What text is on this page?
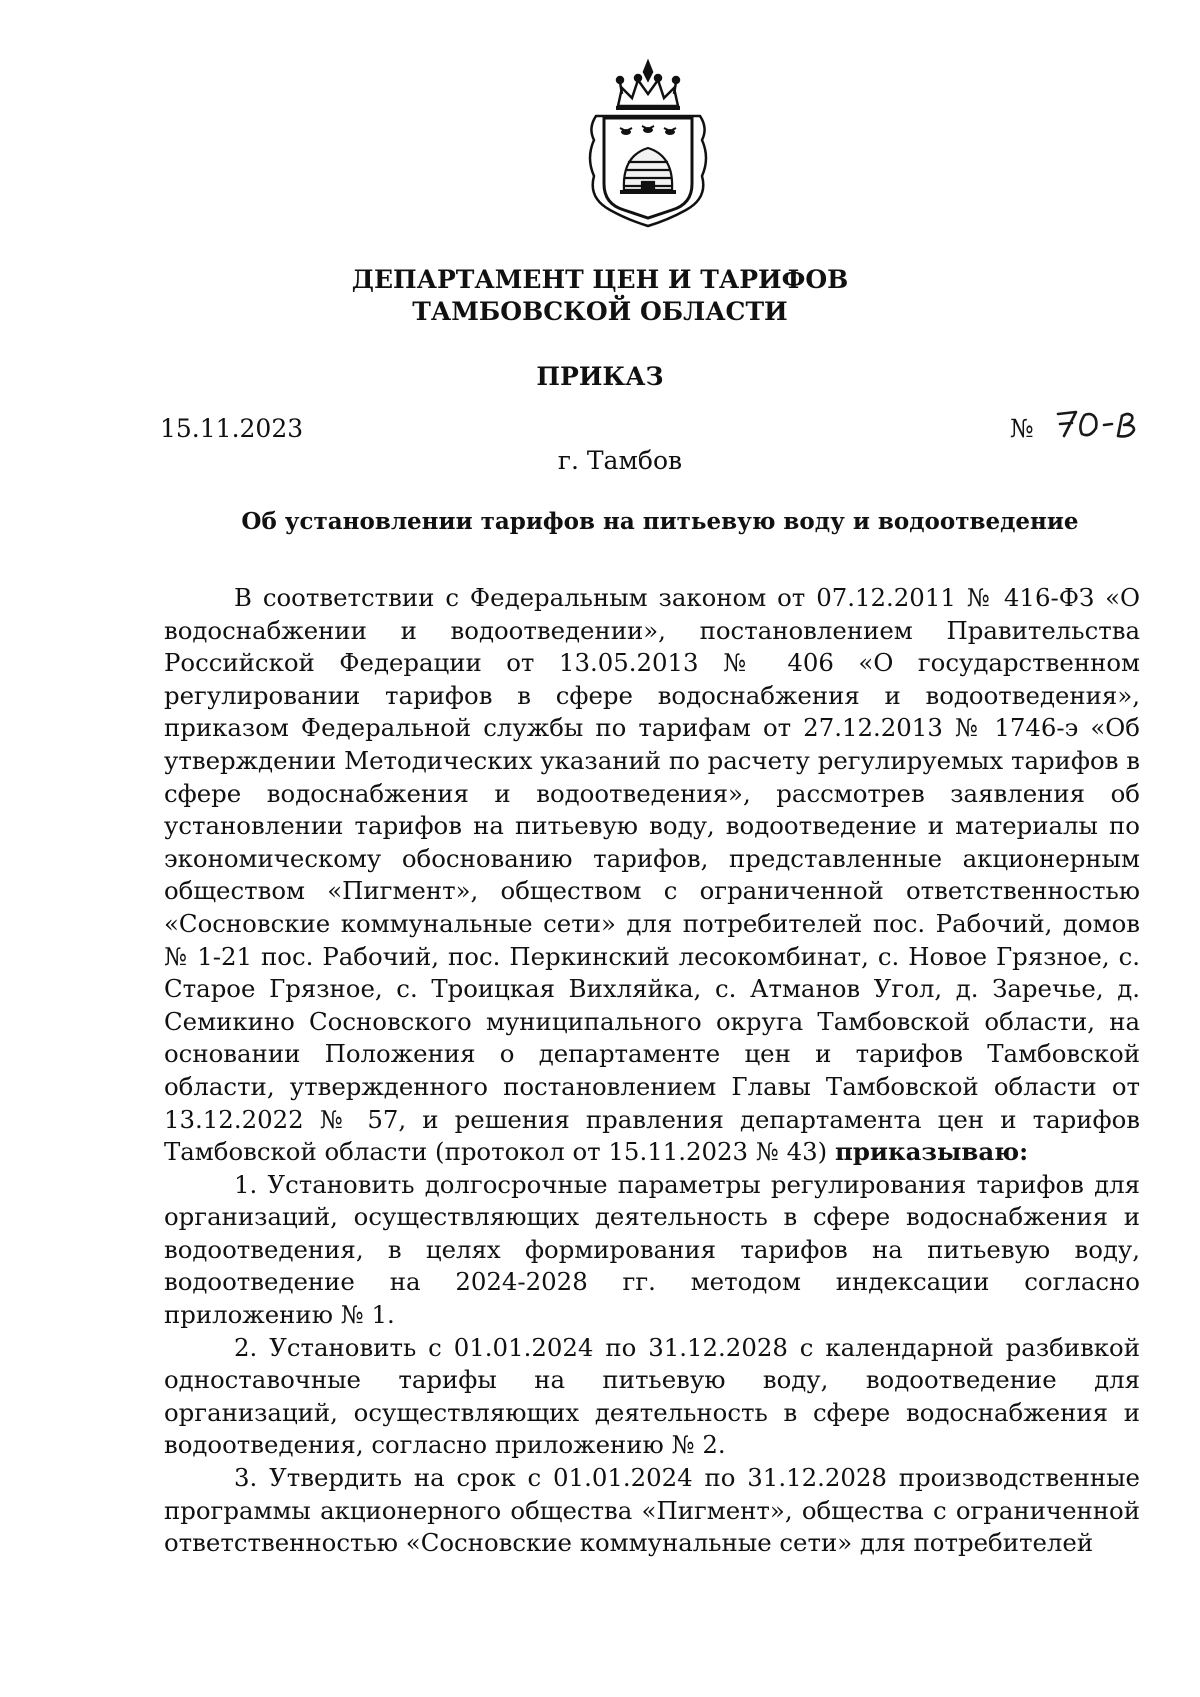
ДЕПАРТАМЕНТ ЦЕН И ТАРИФОВ
ТАМБОВСКОЙ ОБЛАСТИ
ПРИКАЗ
15.11.2023	№
г. Тамбов
Об установлении тарифов на питьевую воду и водоотведение

В соответствии с Федеральным законом от 07.12.2011 № 416-ФЗ «О водоснабжении и водоотведении», постановлением Правительства Российской Федерации от 13.05.2013 № 406 «О государственном регулировании тарифов в сфере водоснабжения и водоотведения», приказом Федеральной службы по тарифам от 27.12.2013 № 1746-э «Об утверждении Методических указаний по расчету регулируемых тарифов в сфере водоснабжения и водоотведения», рассмотрев заявления об установлении тарифов на питьевую воду, водоотведение и материалы по экономическому обоснованию тарифов, представленные акционерным обществом «Пигмент», обществом с ограниченной ответственностью «Сосновские коммунальные сети» для потребителей пос. Рабочий, домов № 1-21 пос. Рабочий, пос. Перкинский лесокомбинат, с. Новое Грязное, с. Старое Грязное, с. Троицкая Вихляйка, с. Атманов Угол, д. Заречье, д. Семикино Сосновского муниципального округа Тамбовской области, на основании Положения о департаменте цен и тарифов Тамбовской области, утвержденного постановлением Главы Тамбовской области от 13.12.2022 № 57, и решения правления департамента цен и тарифов Тамбовской области (протокол от 15.11.2023 № 43) приказываю:

1. Установить долгосрочные параметры регулирования тарифов для организаций, осуществляющих деятельность в сфере водоснабжения и водоотведения, в целях формирования тарифов на питьевую воду, водоотведение на 2024-2028 гг. методом индексации согласно приложению № 1.

2. Установить с 01.01.2024 по 31.12.2028 с календарной разбивкой одноставочные тарифы на питьевую воду, водоотведение для организаций, осуществляющих деятельность в сфере водоснабжения и водоотведения, согласно приложению № 2.

3. Утвердить на срок с 01.01.2024 по 31.12.2028 производственные программы акционерного общества «Пигмент», общества с ограниченной ответственностью «Сосновские коммунальные сети» для потребителей
